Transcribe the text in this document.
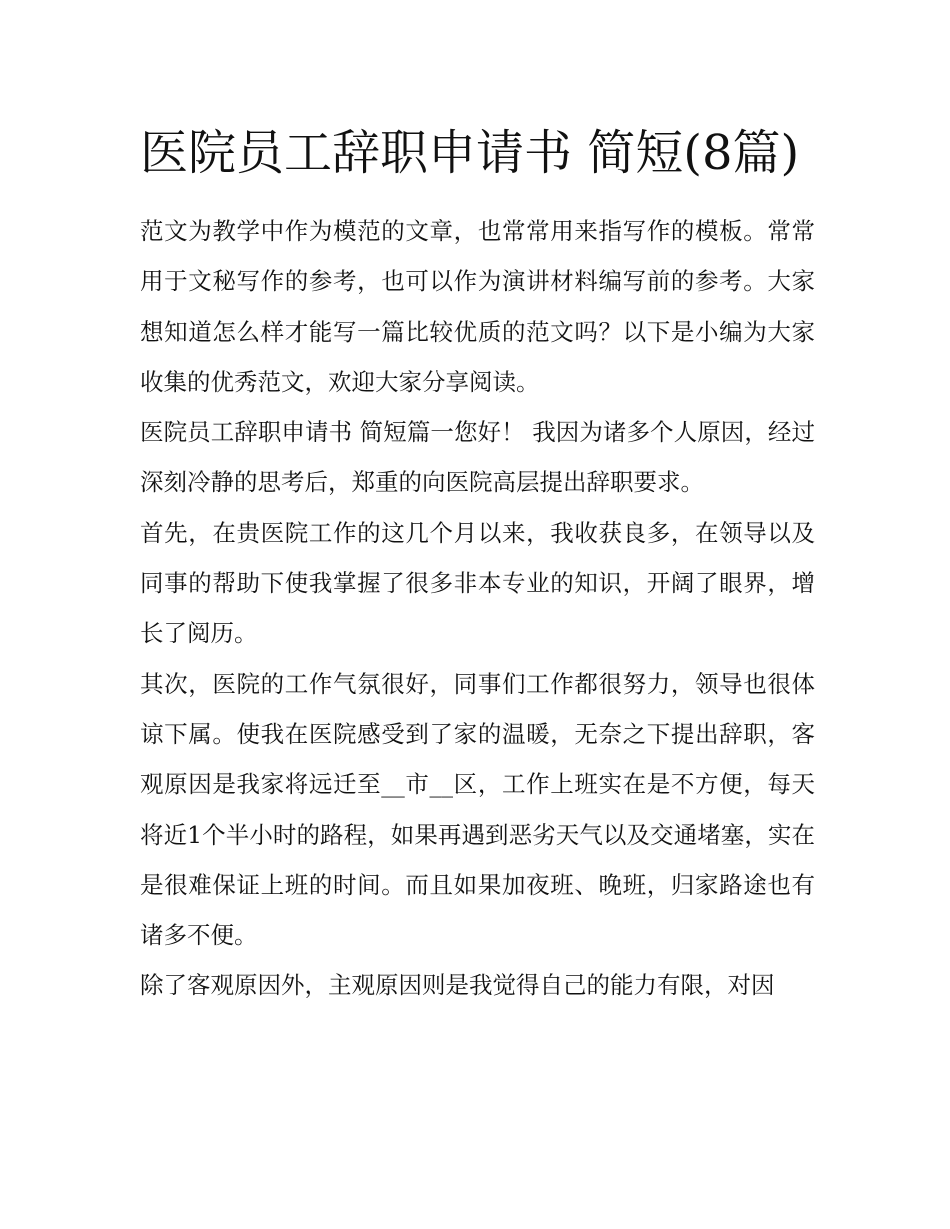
医院员工辞职申请书 简短(8篇)

范文为教学中作为模范的文章，也常常用来指写作的模板。常常用于文秘写作的参考，也可以作为演讲材料编写前的参考。大家想知道怎么样才能写一篇比较优质的范文吗？以下是小编为大家收集的优秀范文，欢迎大家分享阅读。

医院员工辞职申请书 简短篇一您好！ 我因为诸多个人原因，经过深刻冷静的思考后，郑重的向医院高层提出辞职要求。

首先，在贵医院工作的这几个月以来，我收获良多，在领导以及同事的帮助下使我掌握了很多非本专业的知识，开阔了眼界，增长了阅历。

其次，医院的工作气氛很好，同事们工作都很努力，领导也很体谅下属。使我在医院感受到了家的温暖，无奈之下提出辞职，客观原因是我家将远迁至__市__区，工作上班实在是不方便，每天将近1个半小时的路程，如果再遇到恶劣天气以及交通堵塞，实在是很难保证上班的时间。而且如果加夜班、晚班，归家路途也有诸多不便。

除了客观原因外，主观原因则是我觉得自己的能力有限，对因
